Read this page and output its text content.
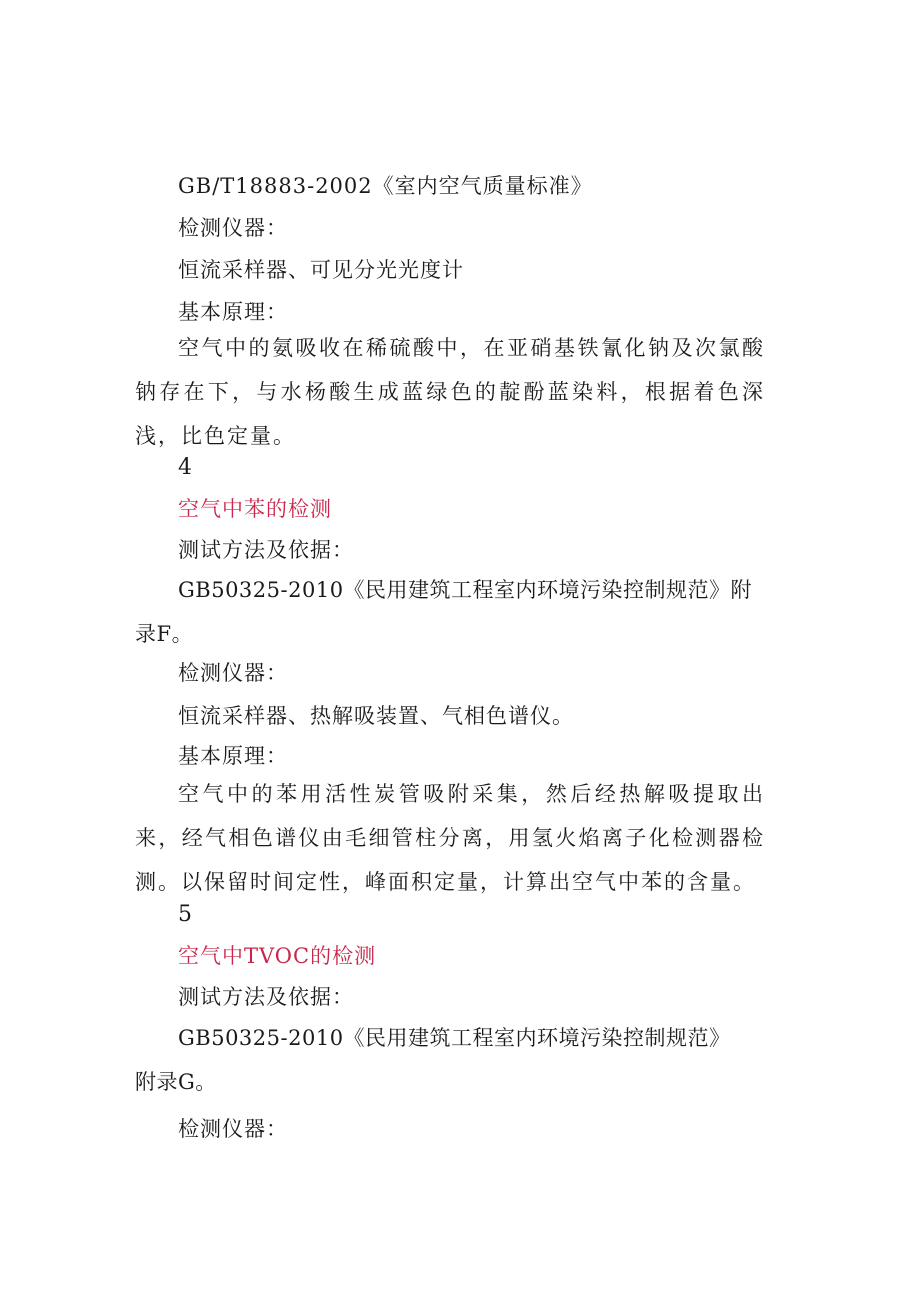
GB/T18883-2002《室内空气质量标准》
检测仪器：
恒流采样器、可见分光光度计
基本原理：

空气中的氨吸收在稀硫酸中，在亚硝基铁氰化钠及次氯酸钠存在下，与水杨酸生成蓝绿色的靛酚蓝染料，根据着色深浅，比色定量。

4
空气中苯的检测
测试方法及依据：

GB50325-2010《民用建筑工程室内环境污染控制规范》附录F。

检测仪器：
恒流采样器、热解吸装置、气相色谱仪。
基本原理：

空气中的苯用活性炭管吸附采集，然后经热解吸提取出来，经气相色谱仪由毛细管柱分离，用氢火焰离子化检测器检测。以保留时间定性，峰面积定量，计算出空气中苯的含量。

5
空气中TVOC的检测
测试方法及依据：

GB50325-2010《民用建筑工程室内环境污染控制规范》附录G。

检测仪器：
